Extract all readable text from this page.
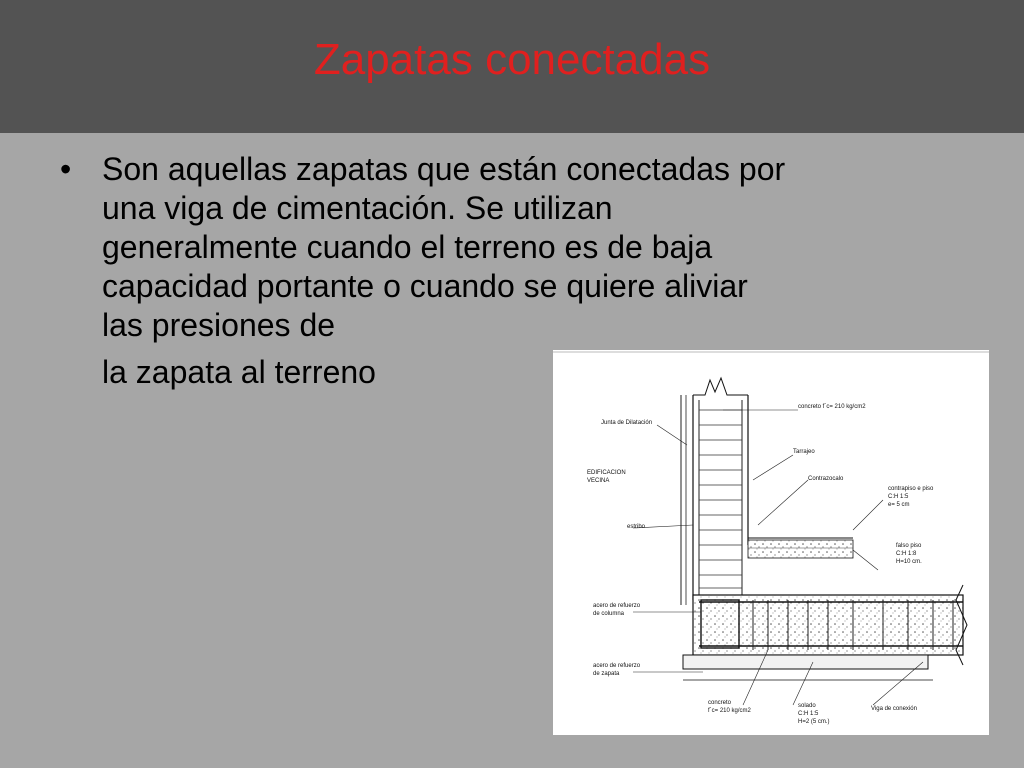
Zapatas conectadas
• Son aquellas zapatas que están conectadas por
una viga de cimentación. Se utilizan
generalmente cuando el terreno es de baja
capacidad portante o cuando se quiere aliviar
las presiones de
la zapata al terreno
concreto f´c= 210 kg/cm2
Junta de Dilatación
Tarrajeo
EDIFICACION
VECINA	Contrazocalo
contrapiso e piso
C:H 1:5
e= 5 cm
estribo
falso piso
C:H 1:8
H=10 cm.
acero de refuerzo
de columna
acero de refuerzo
de zapata
concreto
f´c= 210 kg/cm2
solado
C:H 1:5
H=2 (5 cm.)
Viga de conexión
